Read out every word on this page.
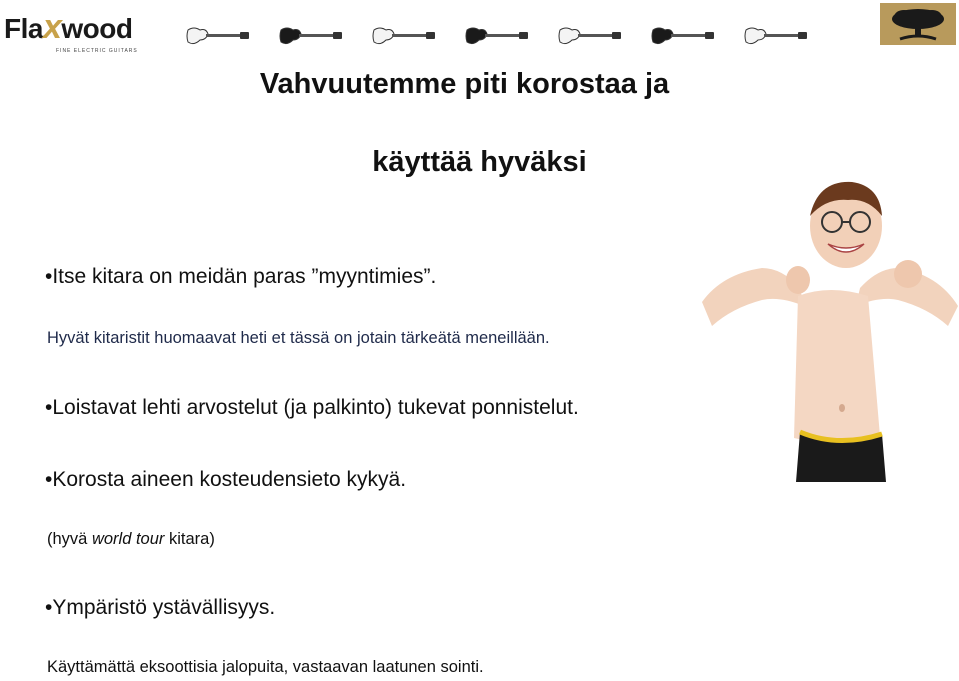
Flaxwood
FINE ELECTRIC GUITARS
Vahvuutemme piti korostaa ja
käyttää hyväksi
•Itse kitara on meidän paras ”myyntimies”.
Hyvät kitaristit huomaavat heti et tässä on jotain tärkeätä meneillään.
•Loistavat lehti arvostelut (ja palkinto) tukevat ponnistelut.
•Korosta aineen kosteudensieto kykyä.
(hyvä world tour kitara)
•Ympäristö ystävällisyys.
Käyttämättä eksoottisia jalopuita, vastaavan laatunen sointi.
